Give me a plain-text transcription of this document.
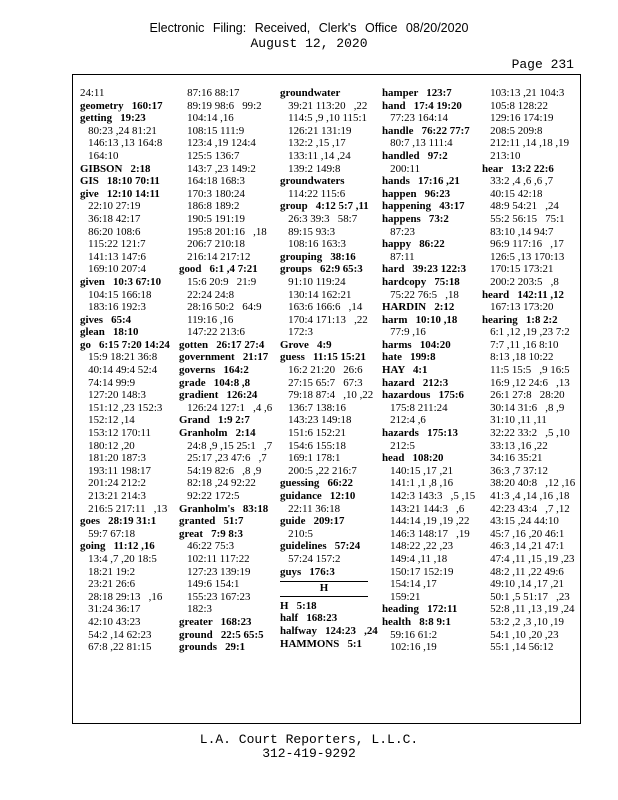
Electronic Filing: Received, Clerk's Office 08/20/2020
August 12, 2020
Page 231
24:11
geometry   160:17
getting   19:23
80:23 ,24 81:21
146:13 ,13 164:8
164:10
GIBSON   2:18
GIS   18:10 70:11
give   12:10 14:11
22:10 27:19
36:18 42:17
86:20 108:6
115:22 121:7
141:13 147:6
169:10 207:4
given   10:3 67:10
104:15 166:18
183:16 192:3
gives   65:4
glean   18:10
go   6:15 7:20 14:24
15:9 18:21 36:8
40:14 49:4 52:4
74:14 99:9
127:20 148:3
151:12 ,23 152:3
152:12 ,14
153:12 170:11
180:12 ,20
181:20 187:3
193:11 198:17
201:24 212:2
213:21 214:3
216:5 217:11   ,13
goes   28:19 31:1
59:7 67:18
going   11:12 ,16
13:4 ,7 ,20 18:5
18:21 19:2
23:21 26:6
28:18 29:13   ,16
31:24 36:17
42:10 43:23
54:2 ,14 62:23
67:8 ,22 81:15
87:16 88:17
89:19 98:6   99:2
104:14 ,16
108:15 111:9
123:4 ,19 124:4
125:5 136:7
143:7 ,23 149:2
164:18 168:3
170:3 180:24
186:8 189:2
190:5 191:19
195:8 201:16   ,18
206:7 210:18
216:14 217:12
good   6:1 ,4 7:21
15:6 20:9   21:9
22:24 24:8
28:16 50:2   64:9
119:16 ,16
147:22 213:6
gotten   26:17 27:4
government   21:17
governs   164:2
grade   104:8 ,8
gradient   126:24
126:24 127:1   ,4 ,6
Grand   1:9 2:7
Granholm   2:14
24:8 ,9 ,15 25:1   ,7
25:17 ,23 47:6   ,7
54:19 82:6   ,8 ,9
82:18 ,24 92:22
92:22 172:5
Granholm's   83:18
granted   51:7
great   7:9 8:3
46:22 75:3
102:11 117:22
127:23 139:19
149:6 154:1
155:23 167:23
182:3
greater   168:23
ground   22:5 65:5
grounds   29:1
groundwater
39:21 113:20   ,22
114:5 ,9 ,10 115:1
126:21 131:19
132:2 ,15 ,17
133:11 ,14 ,24
139:2 149:8
groundwaters
114:22 115:6
group   4:12 5:7 ,11
26:3 39:3   58:7
89:15 93:3
108:16 163:3
grouping   38:16
groups   62:9 65:3
91:10 119:24
130:14 162:21
163:6 166:6   ,14
170:4 171:13   ,22
172:3
Grove   4:9
guess   11:15 15:21
16:2 21:20   26:6
27:15 65:7   67:3
79:18 87:4   ,10 ,22
136:7 138:16
143:23 149:18
151:6 152:21
154:6 155:18
169:1 178:1
200:5 ,22 216:7
guessing   66:22
guidance   12:10
22:11 36:18
guide   209:17
210:5
guidelines   57:24
57:24 157:2
guys   176:3
H
H   5:18
half   168:23
halfway   124:23   ,24
HAMMONS   5:1
hamper   123:7
hand   17:4 19:20
77:23 164:14
handle   76:22 77:7
80:7 ,13 111:4
handled   97:2
200:11
hands   17:16 ,21
happen   96:23
happening   43:17
happens   73:2
87:23
happy   86:22
87:11
hard   39:23 122:3
hardcopy   75:18
75:22 76:5   ,18
HARDIN   2:12
harm   10:10 ,18
77:9 ,16
harms   104:20
hate   199:8
HAY   4:1
hazard   212:3
hazardous   175:6
175:8 211:24
212:4 ,6
hazards   175:13
212:5
head   108:20
140:15 ,17 ,21
141:1 ,1 ,8 ,16
142:3 143:3   ,5 ,15
143:21 144:3   ,6
144:14 ,19 ,19 ,22
146:3 148:17   ,19
148:22 ,22 ,23
149:4 ,11 ,18
150:17 152:19
154:14 ,17
159:21
heading   172:11
health   8:8 9:1
59:16 61:2
102:16 ,19
103:13 ,21 104:3
105:8 128:22
129:16 174:19
208:5 209:8
212:11 ,14 ,18 ,19
213:10
hear   13:2 22:6
33:2 ,4 ,6 ,6 ,7
40:15 42:18
48:9 54:21   ,24
55:2 56:15   75:1
83:10 ,14 94:7
96:9 117:16   ,17
126:5 ,13 170:13
170:15 173:21
200:2 203:5   ,8
heard   142:11 ,12
167:13 173:20
hearing   1:8 2:2
6:1 ,12 ,19 ,23 7:2
7:7 ,11 ,16 8:10
8:13 ,18 10:22
11:5 15:5   ,9 16:5
16:9 ,12 24:6   ,13
26:1 27:8   28:20
30:14 31:6   ,8 ,9
31:10 ,11 ,11
32:22 33:2   ,5 ,10
33:13 ,16 ,22
34:16 35:21
36:3 ,7 37:12
38:20 40:8   ,12 ,16
41:3 ,4 ,14 ,16 ,18
42:23 43:4   ,7 ,12
43:15 ,24 44:10
45:7 ,16 ,20 46:1
46:3 ,14 ,21 47:1
47:4 ,11 ,15 ,19 ,23
48:2 ,11 ,22 49:6
49:10 ,14 ,17 ,21
50:1 ,5 51:17   ,23
52:8 ,11 ,13 ,19 ,24
53:2 ,2 ,3 ,10 ,19
54:1 ,10 ,20 ,23
55:1 ,14 56:12
L.A. Court Reporters, L.L.C.
312-419-9292
